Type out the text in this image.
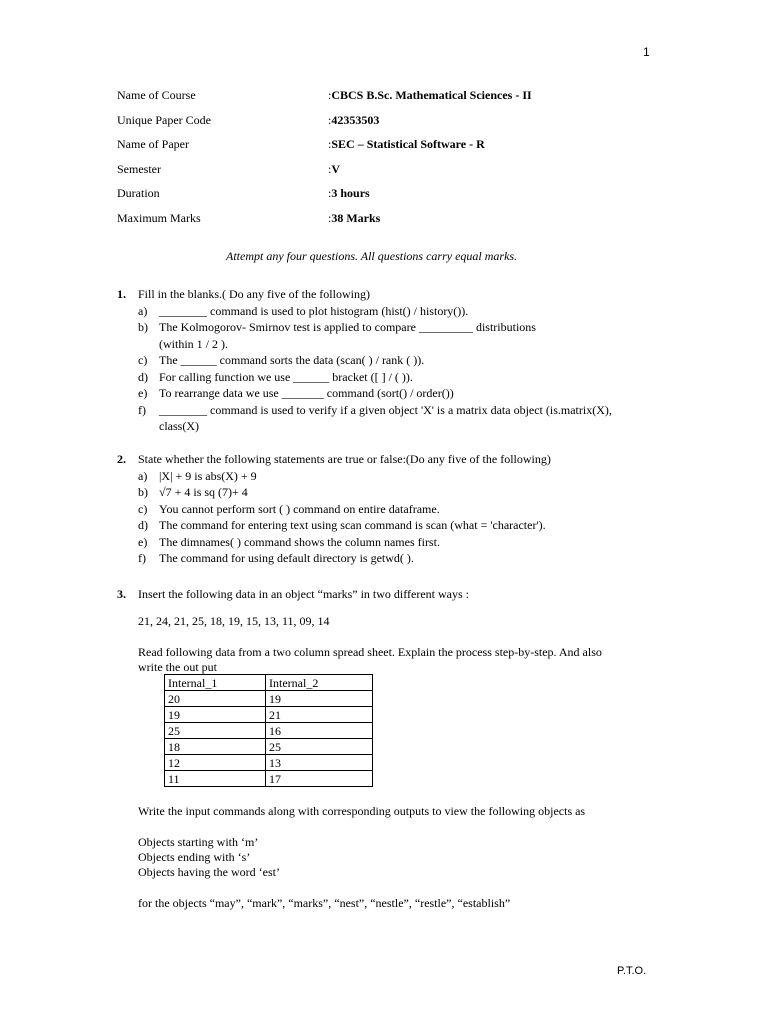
1
Name of Course	: CBCS B.Sc. Mathematical Sciences - II
Unique Paper Code	: 42353503
Name of Paper	: SEC – Statistical Software - R
Semester	: V
Duration	: 3 hours
Maximum Marks	: 38 Marks
Attempt any four questions. All questions carry equal marks.
1. Fill in the blanks.( Do any five of the following)
a) ________ command is used to plot histogram (hist() / history()).
b) The Kolmogorov- Smirnov test is applied to compare _________ distributions
(within 1 / 2 ).
c) The ______ command sorts the data (scan( ) / rank ( )).
d) For calling function we use ______ bracket ([ ] / ( )).
e) To rearrange data we use _______ command (sort() / order())
f)	________ command is used to verify if a given object 'X' is a matrix data object (is.matrix(X),
class(X)
2. State whether the following statements are true or false:(Do any five of the following)
a) |X| + 9 is abs(X) + 9
b) √7 + 4 is sq (7)+ 4
c) You cannot perform sort ( ) command on entire dataframe.
d) The command for entering text using scan command is scan (what = 'character').
e) The dimnames( ) command shows the column names first.
f)	The command for using default directory is getwd( ).
3. Insert the following data in an object “marks” in two different ways :
21, 24, 21, 25, 18, 19, 15, 13, 11, 09, 14
Read following data from a two column spread sheet. Explain the process step-by-step. And also
write the out put
Internal_1	Internal_2
20	19
19	21
25	16
18	25
12	13
11	17
Write the input commands along with corresponding outputs to view the following objects as
Objects starting with ‘m’
Objects ending with ‘s’
Objects having the word ‘est’
for the objects “may”, “mark”, “marks”, “nest”, “nestle”, “restle”, “establish”
P.T.O.
